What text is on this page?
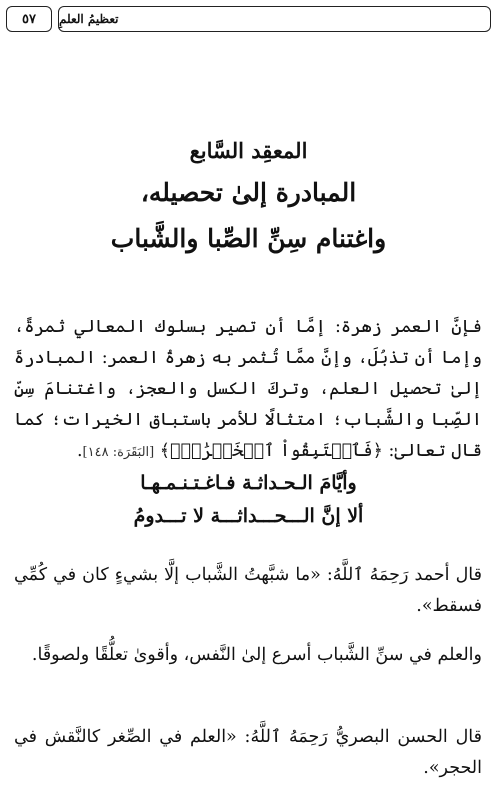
٥٧	تعظيمُ العلمِ
المعقِد السَّابع
المبادرة إلىٰ تحصيله،
واغتنام سِنِّ الصِّبا والشَّباب

فإنَّ العمر زهرة: إمَّا أن تصير بسلوك المعالي ثمرةً، وإما أن تذبُلَ، وإنَّ ممَّا تُثمر به زهرةُ العمر: المبادرةَ إلىٰ تحصيل العلم، وتركَ الكسل والعجز، واغتنامَ سِنِّ الصِّبا والشَّباب؛ امتثالًا للأمر باستباق الخيرات؛ كما قال تعالىٰ: ﴿فَٱسۡتَبِقُواْ ٱلۡخَيۡرَٰتِۚ﴾ [البَقَرَة: ١٤٨].

وأيَّامَ الـحـداثـة فـاغـتـنـمـهـا
ألا إنَّ الـــحـــداثـــة لا تـــدومُ
قال أحمد رَحِمَهُ ٱللَّهُ: «ما شبَّهتُ الشَّباب إلَّا بشيءٍ كان في كُمِّي فسقط».
والعلم في سنِّ الشَّباب أسرع إلىٰ النَّفس، وأقوىٰ تعلُّقًا ولصوقًا.
قال الحسن البصريُّ رَحِمَهُ ٱللَّهُ: «العلم في الصِّغر كالنَّقش في الحجر».
